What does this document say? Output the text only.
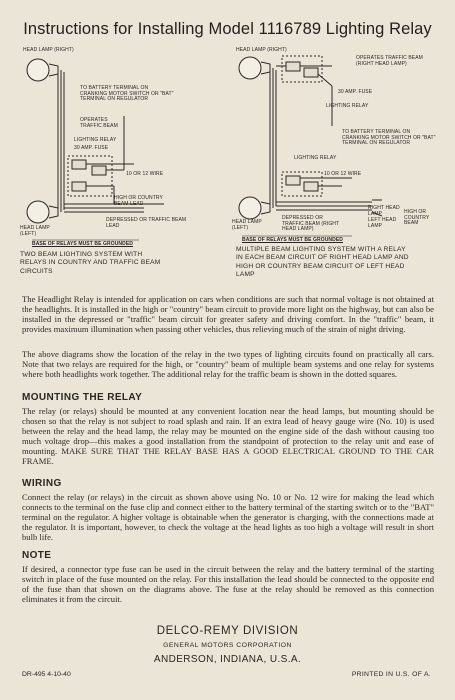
Instructions for Installing Model 1116789 Lighting Relay
HEAD LAMP (RIGHT)
TO BATTERY TERMINAL ON CRANKING MOTOR SWITCH OR "BAT" TERMINAL ON REGULATOR
OPERATES TRAFFIC BEAM
LIGHTING RELAY
30 AMP. FUSE
10 OR 12 WIRE
HIGH OR COUNTRY BEAM LEAD
DEPRESSED OR TRAFFIC BEAM LEAD
HEAD LAMP (LEFT)
BASE OF RELAYS MUST BE GROUNDED
TWO BEAM LIGHTING SYSTEM WITH RELAYS IN COUNTRY AND TRAFFIC BEAM CIRCUITS
HEAD LAMP (RIGHT)
OPERATES TRAFFIC BEAM (RIGHT HEAD LAMP)
30 AMP. FUSE
LIGHTING RELAY
TO BATTERY TERMINAL ON CRANKING MOTOR SWITCH OR "BAT" TERMINAL ON REGULATOR
LIGHTING RELAY
10 OR 12 WIRE
RIGHT HEAD LAMP
LEFT HEAD LAMP
HIGH OR COUNTRY BEAM
HEAD LAMP (LEFT)
DEPRESSED OR TRAFFIC BEAM (RIGHT HEAD LAMP)
BASE OF RELAYS MUST BE GROUNDED
MULTIPLE BEAM LIGHTING SYSTEM WITH A RELAY IN EACH BEAM CIRCUIT OF RIGHT HEAD LAMP AND HIGH OR COUNTRY BEAM CIRCUIT OF LEFT HEAD LAMP

The Headlight Relay is intended for application on cars when conditions are such that normal voltage is not obtained at the headlights. It is installed in the high or "country" beam circuit to provide more light on the highway, but can also be installed in the depressed or "traffic" beam circuit for greater safety and driving comfort. In the "traffic" beam, it provides maximum illumination when passing other vehicles, thus relieving much of the strain of night driving.

The above diagrams show the location of the relay in the two types of lighting circuits found on practically all cars. Note that two relays are required for the high, or "country" beam of multiple beam systems and one relay for systems where both headlights work together. The additional relay for the traffic beam is shown in the dotted squares.

MOUNTING THE RELAY

The relay (or relays) should be mounted at any convenient location near the head lamps, but mounting should be chosen so that the relay is not subject to road splash and rain. If an extra lead of heavy gauge wire (No. 10) is used between the relay and the head lamp, the relay may be mounted on the engine side of the dash without causing too much voltage drop—this makes a good installation from the standpoint of protection to the relay unit and ease of mounting. MAKE SURE THAT THE RELAY BASE HAS A GOOD ELECTRICAL GROUND TO THE CAR FRAME.

WIRING

Connect the relay (or relays) in the circuit as shown above using No. 10 or No. 12 wire for making the lead which connects to the terminal on the fuse clip and connect either to the battery terminal of the starting switch or to the "BAT" terminal on the regulator. A higher voltage is obtainable when the generator is charging, with the connections made at the regulator. It is important, however, to check the voltage at the head lights as too high a voltage will result in short bulb life.

NOTE

If desired, a connector type fuse can be used in the circuit between the relay and the battery terminal of the starting switch in place of the fuse mounted on the relay. For this installation the lead should be connected to the opposite end of the fuse than that shown on the diagrams above. The fuse at the relay should be removed as this connection eliminates it from the circuit.

DELCO-REMY DIVISION
GENERAL MOTORS CORPORATION
ANDERSON, INDIANA, U.S.A.
DR-495 4-10-40	PRINTED IN U.S. OF A.
